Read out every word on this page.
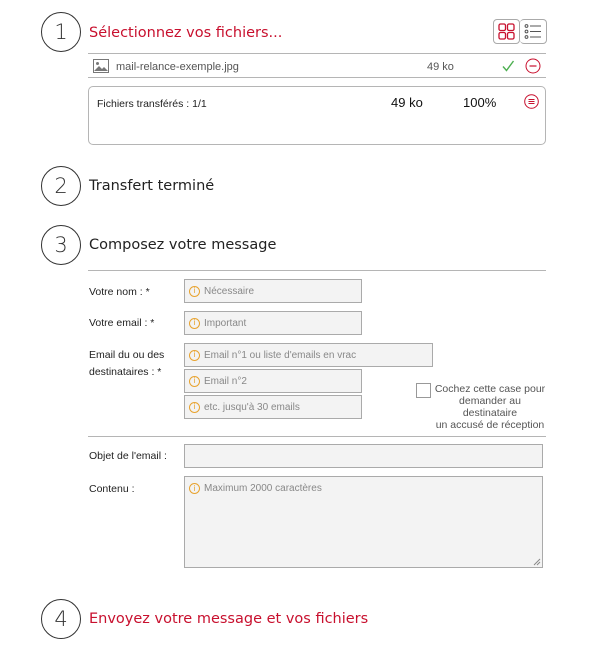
1 Sélectionnez vos fichiers...
mail-relance-exemple.jpg	49 ko
Fichiers transférés : 1/1	49 ko	100%
2 Transfert terminé
3 Composez votre message
Votre nom : *	i Nécessaire
Votre email : *	i Important
Email du ou des
destinataires : *
i Email n°1 ou liste d'emails en vrac
i Email n°2
i etc. jusqu'à 30 emails
Cochez cette case pour
demander au destinataire
un accusé de réception
Objet de l'email :
Contenu :	i Maximum 2000 caractères
4 Envoyez votre message et vos fichiers
